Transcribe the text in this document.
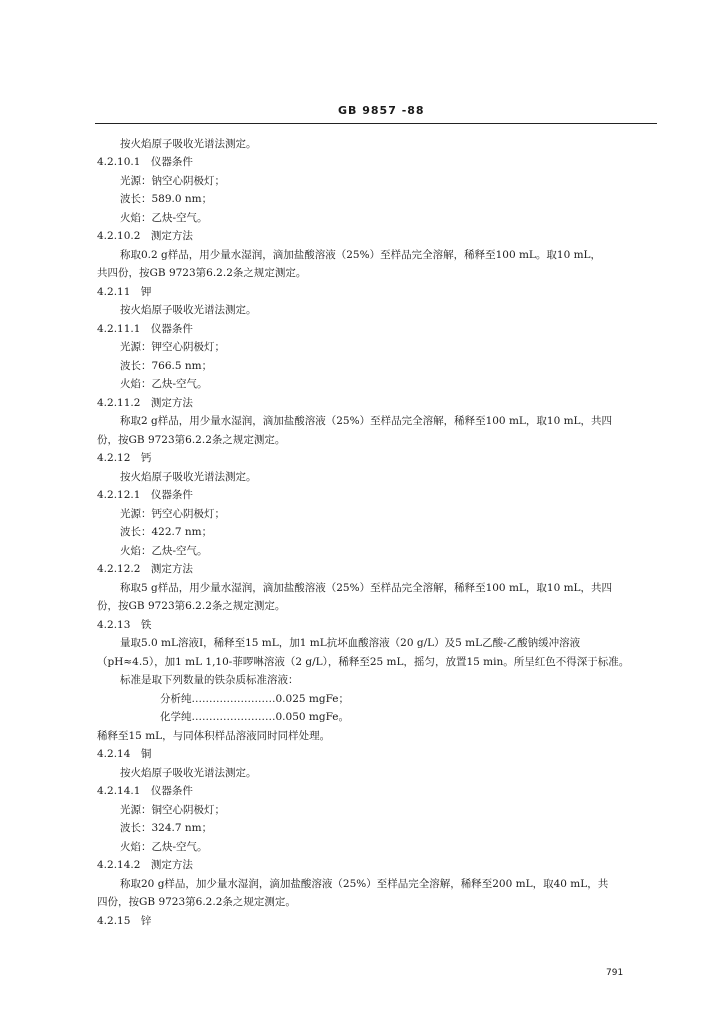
GB 9857 -88
按火焰原子吸收光谱法测定。
4.2.10.1　仪器条件
光源：钠空心阴极灯；
波长：589.0 nm；
火焰：乙炔-空气。
4.2.10.2　测定方法
称取0.2 g样品，用少量水湿润，滴加盐酸溶液（25%）至样品完全溶解，稀释至100 mL。取10 mL，
共四份，按GB 9723第6.2.2条之规定测定。
4.2.11　钾
按火焰原子吸收光谱法测定。
4.2.11.1　仪器条件
光源：钾空心阴极灯；
波长：766.5 nm；
火焰：乙炔-空气。
4.2.11.2　测定方法
称取2 g样品，用少量水湿润，滴加盐酸溶液（25%）至样品完全溶解，稀释至100 mL，取10 mL，共四
份，按GB 9723第6.2.2条之规定测定。
4.2.12　钙
按火焰原子吸收光谱法测定。
4.2.12.1　仪器条件
光源：钙空心阴极灯；
波长：422.7 nm；
火焰：乙炔-空气。
4.2.12.2　测定方法
称取5 g样品，用少量水湿润，滴加盐酸溶液（25%）至样品完全溶解，稀释至100 mL，取10 mL，共四
份，按GB 9723第6.2.2条之规定测定。
4.2.13　铁
量取5.0 mL溶液Ⅰ，稀释至15 mL，加1 mL抗坏血酸溶液（20 g/L）及5 mL乙酸-乙酸钠缓冲溶液
（pH≈4.5），加1 mL 1,10-菲啰啉溶液（2 g/L），稀释至25 mL，摇匀，放置15 min。所呈红色不得深于标准。
标准是取下列数量的铁杂质标准溶液：
分析纯……………………0.025 mgFe；
化学纯……………………0.050 mgFe。
稀释至15 mL，与同体积样品溶液同时同样处理。
4.2.14　铜
按火焰原子吸收光谱法测定。
4.2.14.1　仪器条件
光源：铜空心阴极灯；
波长：324.7 nm；
火焰：乙炔-空气。
4.2.14.2　测定方法
称取20 g样品，加少量水湿润，滴加盐酸溶液（25%）至样品完全溶解，稀释至200 mL，取40 mL，共
四份，按GB 9723第6.2.2条之规定测定。
4.2.15　锌
791
